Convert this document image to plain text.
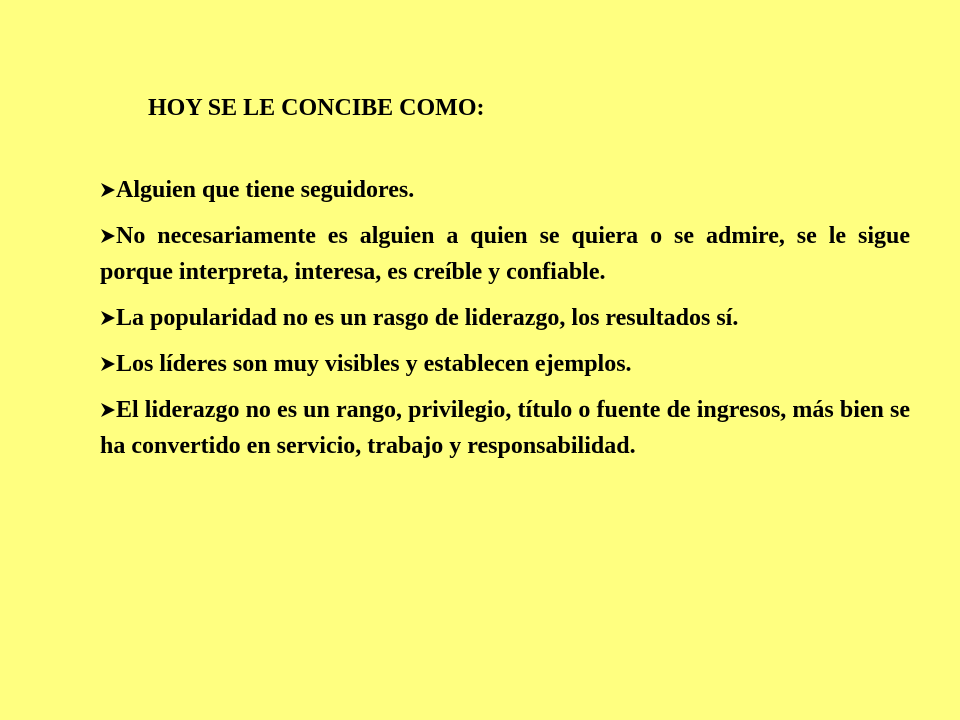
HOY SE LE CONCIBE COMO:
Alguien que tiene seguidores.
No necesariamente es alguien a quien se quiera o se admire, se le sigue porque interpreta, interesa, es creíble y confiable.
La popularidad no es un rasgo de liderazgo, los resultados sí.
Los líderes son muy visibles y establecen ejemplos.
El liderazgo no es un rango, privilegio, título o fuente de ingresos, más bien se ha convertido en servicio, trabajo y responsabilidad.
